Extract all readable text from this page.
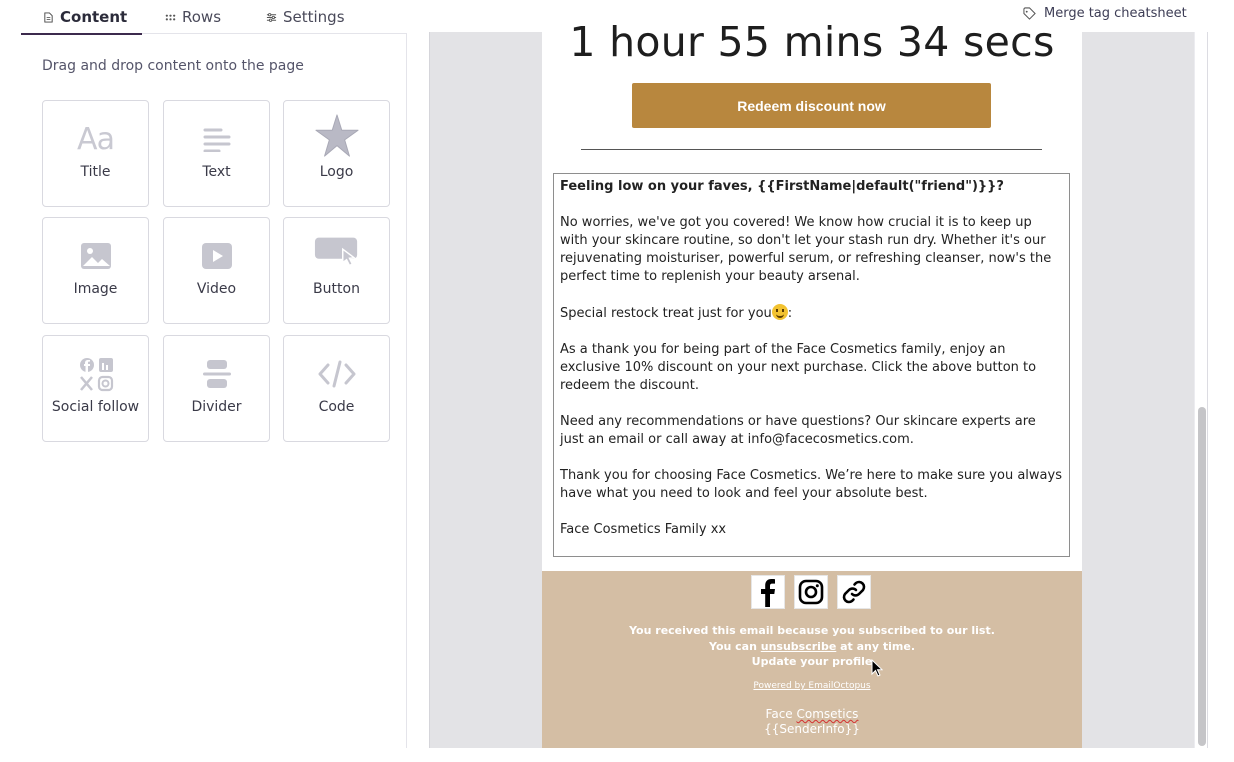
Content	Rows	Settings	Merge tag cheatsheet
Drag and drop content onto the page
Aa
Title	Text	Logo
Image	Video	Button
Social follow	Divider	Code
1 hour 55 mins 34 secs
Redeem discount now

Feeling low on your faves, {{FirstName|default("friend")}}?

No worries, we've got you covered! We know how crucial it is to keep up with your skincare routine, so don't let your stash run dry. Whether it's our rejuvenating moisturiser, powerful serum, or refreshing cleanser, now's the perfect time to replenish your beauty arsenal.

Special restock treat just for you :

As a thank you for being part of the Face Cosmetics family, enjoy an exclusive 10% discount on your next purchase. Click the above button to redeem the discount.

Need any recommendations or have questions? Our skincare experts are just an email or call away at info@facecosmetics.com.

Thank you for choosing Face Cosmetics. We’re here to make sure you always have what you need to look and feel your absolute best.

Face Cosmetics Family xx

You received this email because you subscribed to our list.
You can unsubscribe at any time.
Update your profile
Powered by EmailOctopus
Face Comsetics
{{SenderInfo}}
